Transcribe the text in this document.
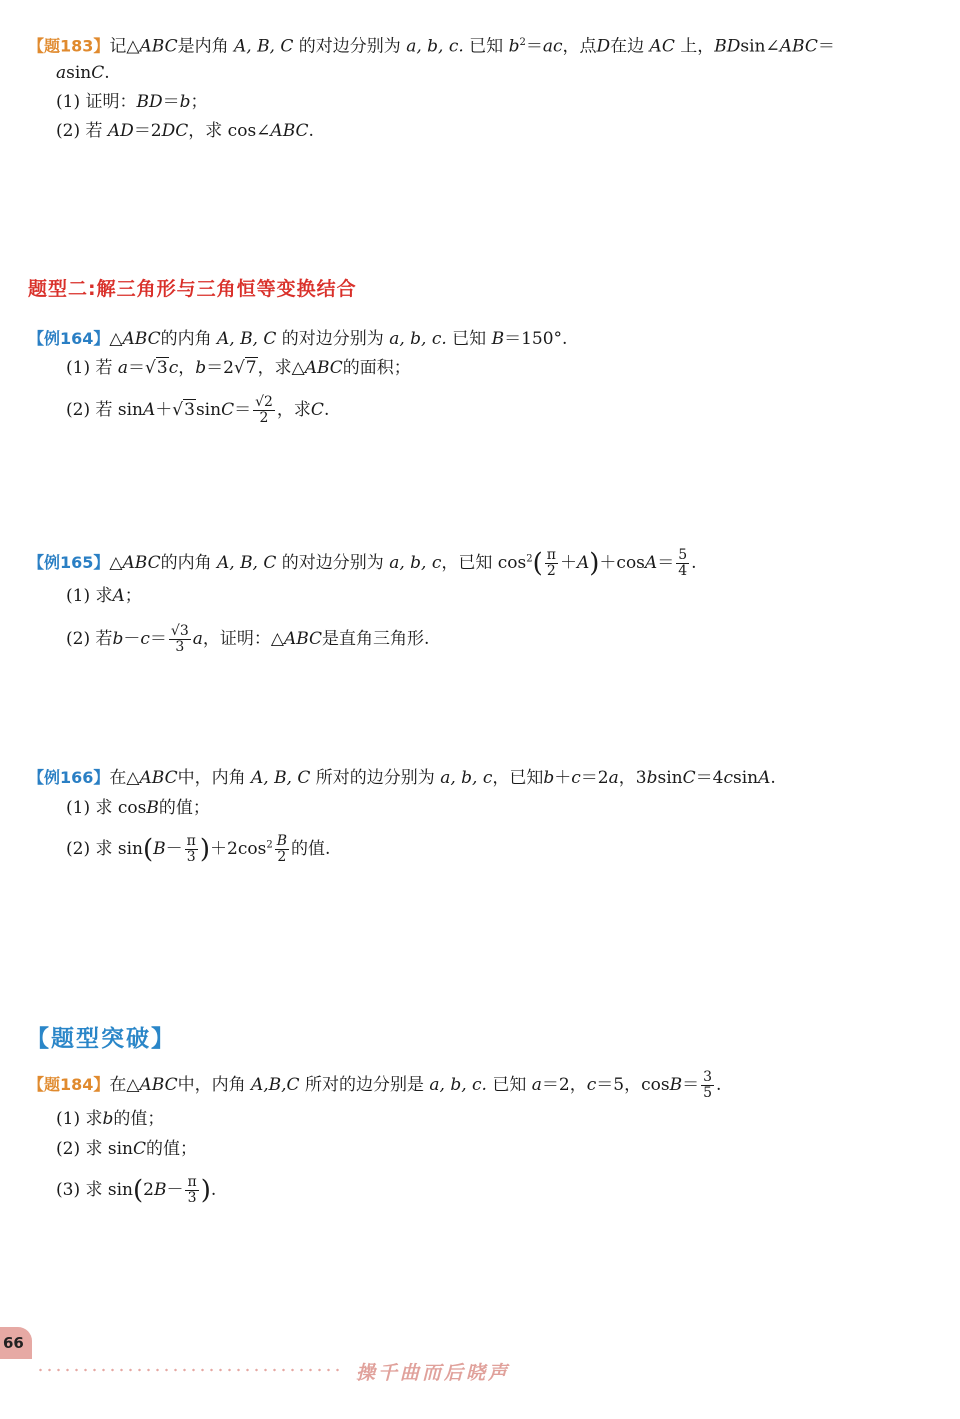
【题183】记△ABC是内角 A, B, C 的对边分别为 a, b, c. 已知 $b^2=ac$，点D在边 AC 上，BDsin∠ABC＝
asinC.
(1) 证明：BD＝b；
(2) 若 AD＝2DC，求 cos∠ABC.
题型二:解三角形与三角恒等变换结合
【例164】△ABC的内角 A, B, C 的对边分别为 a, b, c. 已知 B＝150°.
(1) 若 a＝√3c，b＝2√7，求△ABC的面积；
(2) 若 $\sin A+√3\sin C= \frac{√2}{2}$ ，求C.
【例165】△ABC的内角 A, B, C 的对边分别为 a, b, c，已知 $\cos^2( \frac{\pi}{2} +A)+\cos A= \frac{5}{4}$ .
(1) 求A；
(2) 若$b-c= \frac{√3}{3}$ a，证明：△ABC是直角三角形.
【例166】在△ABC中，内角 A, B, C 所对的边分别为 a, b, c，已知b＋c＝2a，3bsinC＝4csinA.
(1) 求 cosB的值；
(2) 求 $\sin(B- \frac{\pi}{3} )+2\cos^2 \frac{B}{2}$ 的值.
【题型突破】
【题184】在△ABC中，内角 A,B,C 所对的边分别是 a, b, c. 已知 a＝2，c＝5，$\cos B= \frac{3}{5}$ .
(1) 求b的值；
(2) 求 sinC的值；
(3) 求 $\sin(2B- \frac{\pi}{3}$ ).
66
操千曲而后晓声
